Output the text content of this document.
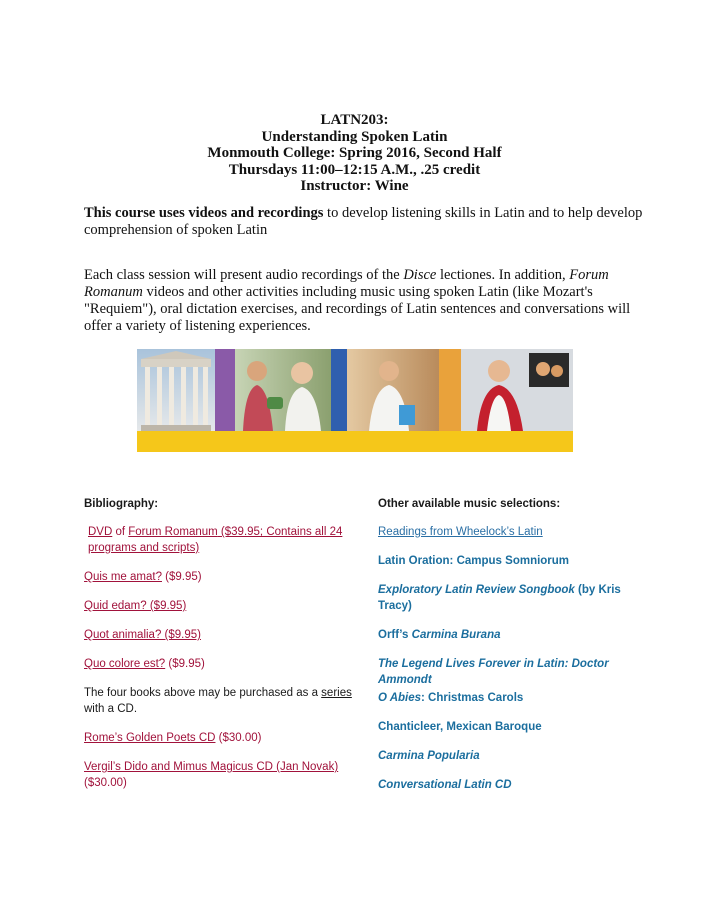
LATN203:
Understanding Spoken Latin
Monmouth College: Spring 2016, Second Half
Thursdays 11:00–12:15 A.M., .25 credit
Instructor: Wine

This course uses videos and recordings to develop listening skills in Latin and to help develop comprehension of spoken Latin

Each class session will present audio recordings of the Disce lectiones. In addition, Forum Romanum videos and other activities including music using spoken Latin (like Mozart's "Requiem"), oral dictation exercises, and recordings of Latin sentences and conversations will offer a variety of listening experiences.

Bibliography:
DVD of Forum Romanum ($39.95; Contains all 24 programs and scripts)
Quis me amat? ($9.95)
Quid edam? ($9.95)
Quot animalia? ($9.95)
Quo colore est? ($9.95)
The four books above may be purchased as a series with a CD.
Rome’s Golden Poets CD ($30.00)
Vergil’s Dido and Mimus Magicus CD (Jan Novak) ($30.00)
Other available music selections:
Readings from Wheelock’s Latin
Latin Oration: Campus Somniorum
Exploratory Latin Review Songbook (by Kris Tracy)
Orff’s Carmina Burana
The Legend Lives Forever in Latin: Doctor Ammondt
O Abies: Christmas Carols
Chanticleer, Mexican Baroque
Carmina Popularia
Conversational Latin CD
